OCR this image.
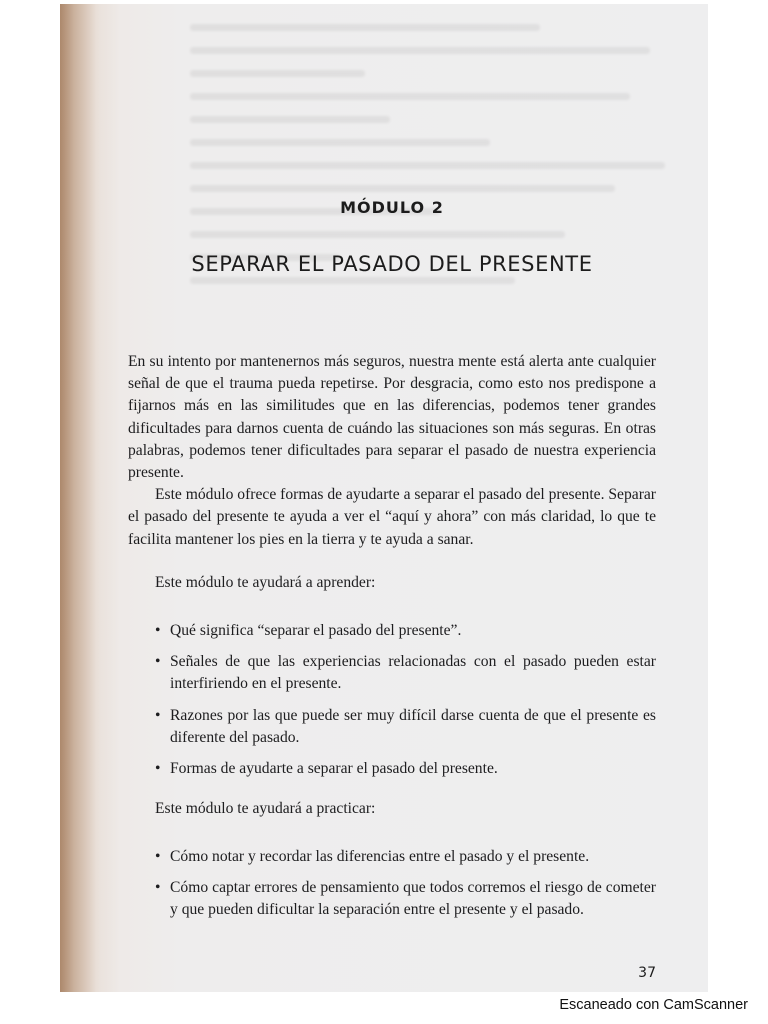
MÓDULO 2
SEPARAR EL PASADO DEL PRESENTE

En su intento por mantenernos más seguros, nuestra mente está alerta ante cualquier señal de que el trauma pueda repetirse. Por desgracia, como esto nos predispone a fijarnos más en las similitudes que en las diferencias, podemos tener grandes dificultades para darnos cuenta de cuándo las situaciones son más seguras. En otras palabras, podemos tener dificultades para separar el pasado de nuestra experiencia presente.

Este módulo ofrece formas de ayudarte a separar el pasado del presente. Separar el pasado del presente te ayuda a ver el “aquí y ahora” con más claridad, lo que te facilita mantener los pies en la tierra y te ayuda a sanar.

Este módulo te ayudará a aprender:
• Qué significa “separar el pasado del presente”.
• Señales de que las experiencias relacionadas con el pasado pueden estar interfiriendo en el presente.
• Razones por las que puede ser muy difícil darse cuenta de que el presente es diferente del pasado.
• Formas de ayudarte a separar el pasado del presente.
Este módulo te ayudará a practicar:
• Cómo notar y recordar las diferencias entre el pasado y el presente.
• Cómo captar errores de pensamiento que todos corremos el riesgo de cometer y que pueden dificultar la separación entre el presente y el pasado.
37
Escaneado con CamScanner
